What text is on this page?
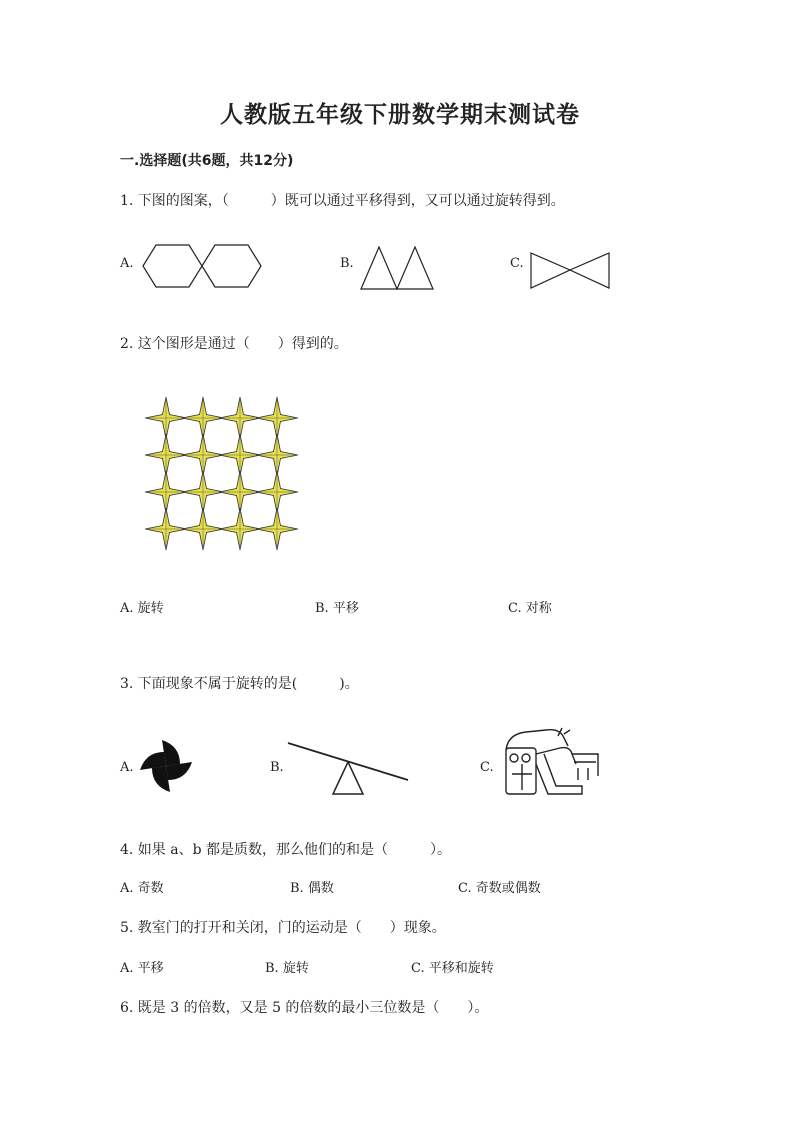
人教版五年级下册数学期末测试卷
一.选择题(共6题，共12分)
1. 下图的图案，（　　　）既可以通过平移得到，又可以通过旋转得到。
A.	B.	C.
2. 这个图形是通过（　　）得到的。
A. 旋转	B. 平移	C. 对称
3. 下面现象不属于旋转的是(　　　)。
A.	B.	C.
4. 如果 a、b 都是质数，那么他们的和是（　　　）。
A. 奇数	B. 偶数	C. 奇数或偶数
5. 教室门的打开和关闭，门的运动是（　　）现象。
A. 平移	B. 旋转	C. 平移和旋转
6. 既是 3 的倍数，又是 5 的倍数的最小三位数是（　　）。
